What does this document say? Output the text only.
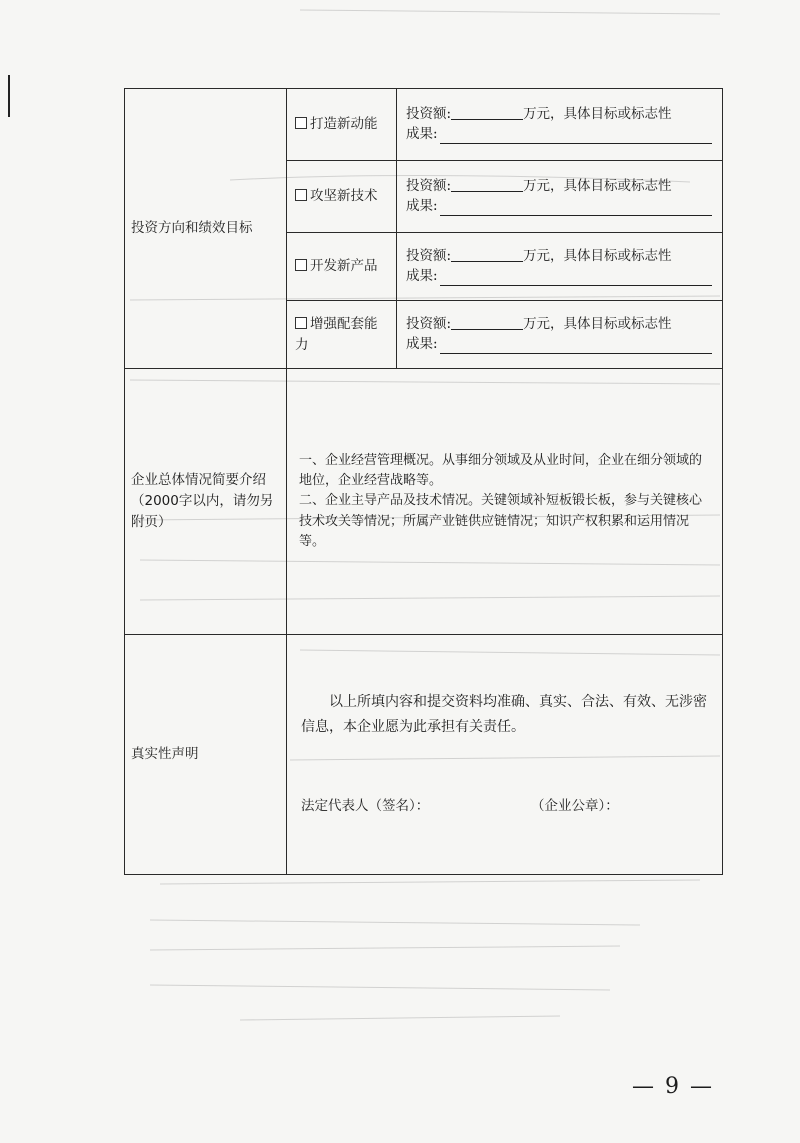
投资方向和绩效目标	打造新动能	投资额: 万元，具体目标或标志性
成果:

	攻坚新技术	投资额: 万元，具体目标或标志性
成果:

	开发新产品	投资额: 万元，具体目标或标志性
成果:

	增强配套能力	投资额: 万元，具体目标或标志性
成果:

企业总体情况简要介绍（2000字以内，请勿另附页）	一、企业经营管理概况。从事细分领域及从业时间，企业在细分领域的地位，企业经营战略等。
二、企业主导产品及技术情况。关键领域补短板锻长板，参与关键核心技术攻关等情况；所属产业链供应链情况；知识产权积累和运用情况等。	

真实性声明	以上所填内容和提交资料均准确、真实、合法、有效、无涉密信息，本企业愿为此承担有关责任。

法定代表人（签名）： （企业公章）：	
— 9 —
